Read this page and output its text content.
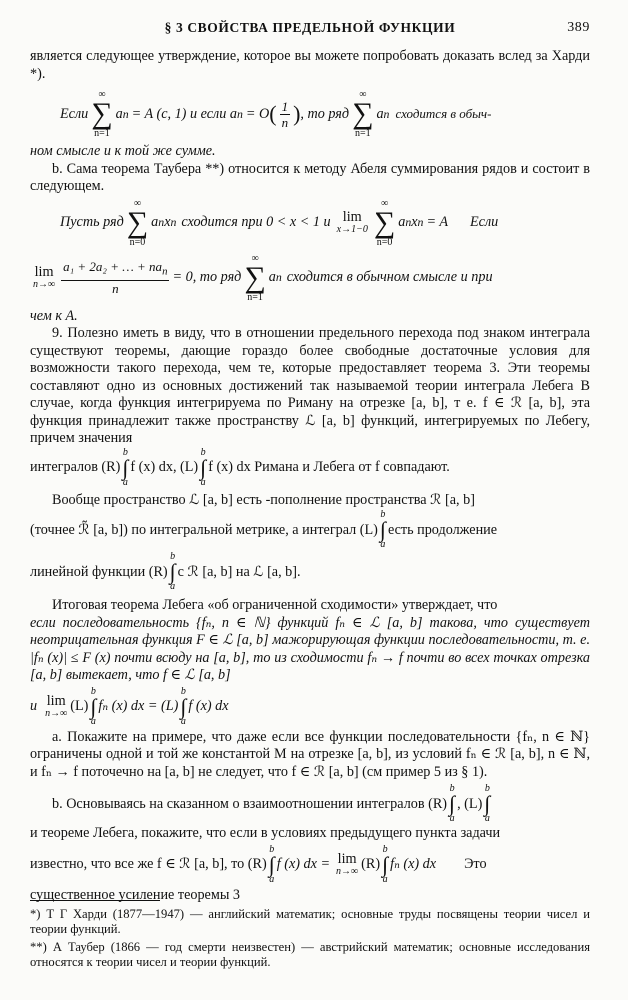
§ 3 СВОЙСТВА ПРЕДЕЛЬНОЙ ФУНКЦИИ	389

является следующее утверждение, которое вы можете попробовать доказать вслед за Харди *).

Если
∞
∑
n=1
a n = A (c, 1) и если a n = O ( $\frac{1}{n}$ ) , то ряд
∞
∑
n=1
a n сходится в обыч-

ном смысле и к той же сумме.

b. Сама теорема Таубера **) относится к методу Абеля суммирования рядов и состоит в следующем.

Пусть ряд
∞
∑
n=0
a n x n сходится при 0 < x < 1 и lim
x→1−0
∞
∑
n=0
a n x n = A Если
lim
$n\to\infty \frac{a_1 + 2a_2 + \dots + na_n}{n} = 0$, то ряд
∞
∑
n=1
a n сходится в обычном смысле и при

чем к A.

9. Полезно иметь в виду, что в отношении предельного перехода под знаком интеграла существуют теоремы, дающие гораздо более свободные достаточные условия для возможности такого перехода, чем те, которые предоставляет теорема 3. Эти теоремы составляют одно из основных достижений так называемой теории интеграла Лебега В случае, когда функция интегрируема по Риману на отрезке [a, b], т е. f ∈ ℛ [a, b], эта функция принадлежит также пространству ℒ [a, b] функций, интегрируемых по Лебегу, причем значения

интегралов (R)
b
∫
a
f (x) dx, (L)
b
∫
a
f (x) dx Римана и Лебега от f совпадают.

Вообще пространство ℒ [a, b] есть -пополнение пространства ℛ [a, b]

(точнее ℛ̃ [a, b]) по интегральной метрике, а интеграл (L)
b
∫
a
есть продолжение
линейной функции (R)
b
∫
a
с ℛ [a, b] на ℒ [a, b].

Итоговая теорема Лебега «об ограниченной сходимости» утверждает, что

если последовательность {fₙ, n ∈ ℕ} функций fₙ ∈ ℒ [a, b] такова, что существует неотрицательная функция F ∈ ℒ [a, b] мажорирующая функции последовательности, т. е. |fₙ (x)| ≤ F (x) почти всюду на [a, b], то из сходимости fₙ → f почти во всех точках отрезка [a, b] вытекает, что f ∈ ℒ [a, b]

и lim
n→∞ (L)
b
∫
a
fₙ (x) dx = (L)
b
∫
a
f (x) dx

a. Покажите на примере, что даже если все функции последовательности {fₙ, n ∈ ℕ} ограничены одной и той же константой M на отрезке [a, b], из условий fₙ ∈ ℛ [a, b], n ∈ ℕ, и fₙ → f поточечно на [a, b] не следует, что f ∈ ℛ [a, b] (см пример 5 из § 1).

b. Основываясь на сказанном о взаимоотношении интегралов (R)
b
∫
a
, (L)
b
∫
a

и теореме Лебега, покажите, что если в условиях предыдущего пункта задачи

известно, что все же f ∈ ℛ [a, b], то (R)
b
∫
a
f (x) dx = lim
n→∞ (R)
b
∫
a
fₙ (x) dx Это

существенное усиление теоремы 3

*) Т Г Харди (1877—1947) — английский математик; основные труды посвящены теории чисел и теории функций.

**) А Таубер (1866 — год смерти неизвестен) — австрийский математик; основные исследования относятся к теории чисел и теории функций.
